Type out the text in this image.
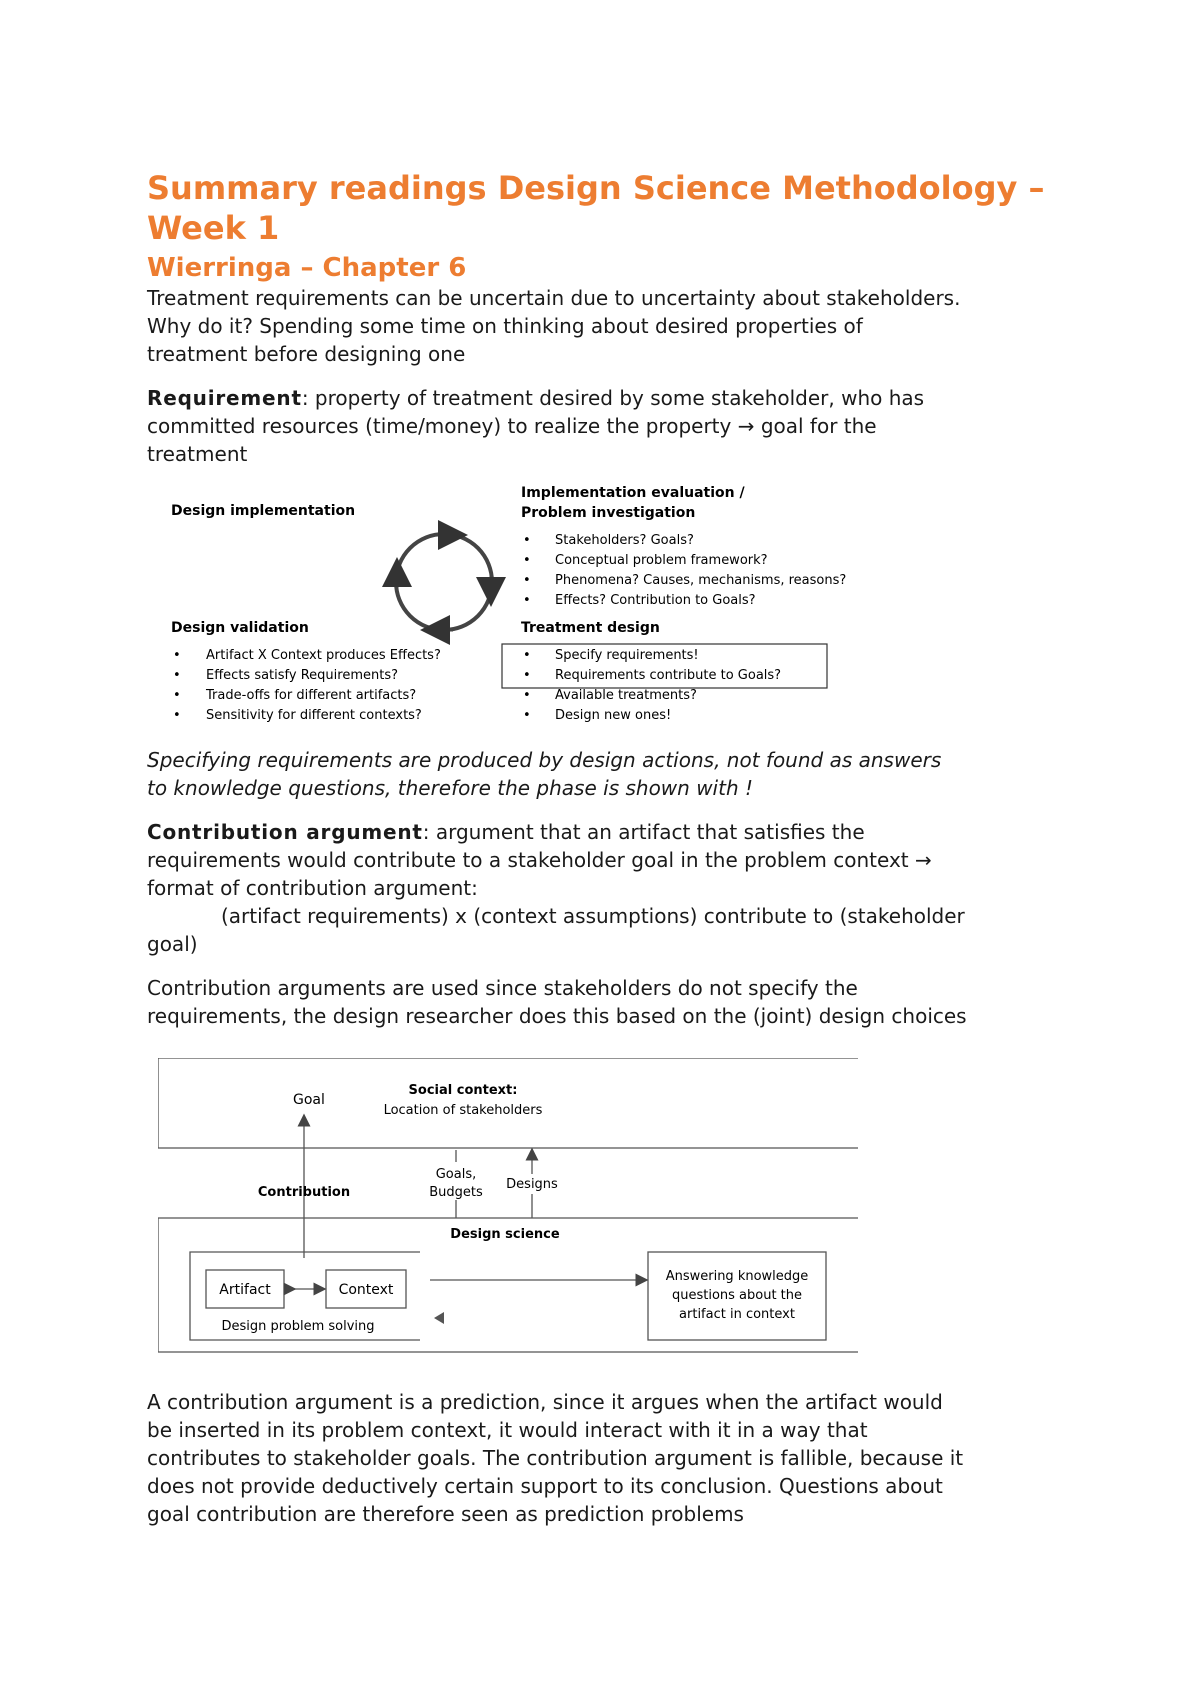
Summary readings Design Science Methodology – Week 1
Wierringa – Chapter 6

Treatment requirements can be uncertain due to uncertainty about stakeholders.

Why do it? Spending some time on thinking about desired properties of

treatment before designing one

Requirement: property of treatment desired by some stakeholder, who has

committed resources (time/money) to realize the property → goal for the

treatment

Design implementation
Implementation evaluation /
Problem investigation
• Stakeholders? Goals?
• Conceptual problem framework?
• Phenomena? Causes, mechanisms, reasons?
• Effects? Contribution to Goals?
Design validation
• Artifact X Context produces Effects?
• Effects satisfy Requirements?
• Trade-offs for different artifacts?
• Sensitivity for different contexts?
Treatment design
• Specify requirements!
• Requirements contribute to Goals?
• Available treatments?
• Design new ones!

Specifying requirements are produced by design actions, not found as answers

to knowledge questions, therefore the phase is shown with !

Contribution argument: argument that an artifact that satisfies the

requirements would contribute to a stakeholder goal in the problem context →

format of contribution argument:

(artifact requirements) x (context assumptions) contribute to (stakeholder

goal)

Contribution arguments are used since stakeholders do not specify the

requirements, the design researcher does this based on the (joint) design choices

Goal
Social context:
Location of stakeholders
Contribution
Goals,
Budgets
Designs
Design science
Artifact	Context
Design problem solving
Answering knowledge
questions about the
artifact in context

A contribution argument is a prediction, since it argues when the artifact would

be inserted in its problem context, it would interact with it in a way that

contributes to stakeholder goals. The contribution argument is fallible, because it

does not provide deductively certain support to its conclusion. Questions about

goal contribution are therefore seen as prediction problems
